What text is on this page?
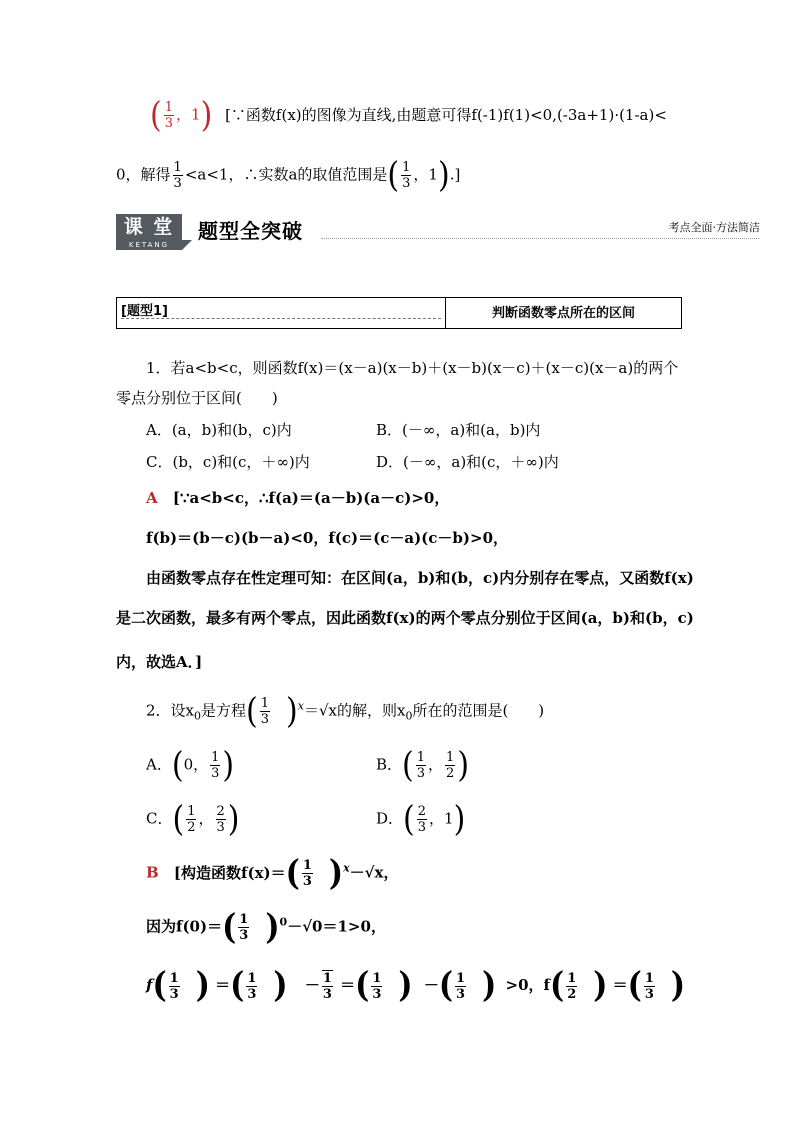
( $\frac{1}{3}$ ，1) [∵函数f(x)的图像为直线,由题意可得f(-1)f(1)<0,(-3a+1)·(1-a)<
0，解得 $\frac{1}{3} <a<1$，∴实数a的取值范围是( $\frac{1}{3}$ ，1).]
课 堂
KETANG
题型全突破	考点全面·方法简洁
[题型1]	判断函数零点所在的区间
1．若a<b<c，则函数f(x)＝(x－a)(x－b)＋(x－b)(x－c)＋(x－c)(x－a)的两个
零点分别位于区间(　　)
A．(a，b)和(b，c)内	B．(－∞，a)和(a，b)内
C．(b，c)和(c，＋∞)内	D．(－∞，a)和(c，＋∞)内
A [∵a<b<c，∴f(a)＝(a－b)(a－c)>0，
f(b)＝(b－c)(b－a)<0，f(c)＝(c－a)(c－b)>0，
由函数零点存在性定理可知：在区间(a，b)和(b，c)内分别存在零点，又函数f(x)
是二次函数，最多有两个零点，因此函数f(x)的两个零点分别位于区间(a，b)和(b，c)
内，故选A．]
2．设$x_0$是方程( $\frac{1}{3} )^x=√x$的解，则$x_0$所在的范围是(　　)
A．(0， $\frac{1}{3}$ )	B．( $\frac{1}{3}$ ， $\frac{1}{2}$ )
C．( $\frac{1}{2}$ ， $\frac{2}{3}$ )	D．( $\frac{2}{3}$ ，1)
B [构造函数$f(x)=( \frac{1}{3} )^x-√x$，
因为$f(0)=( \frac{1}{3} )^0-√0=1>0$，
$f( \frac{1}{3}$ ) ＝( $\frac{1}{3}$ ) － $\frac{1}{3}$ ＝( $\frac{1}{3}$ ) －( $\frac{1}{3}$ ) >0，$f( \frac{1}{2}$ ) ＝( $\frac{1}{3}$ )
